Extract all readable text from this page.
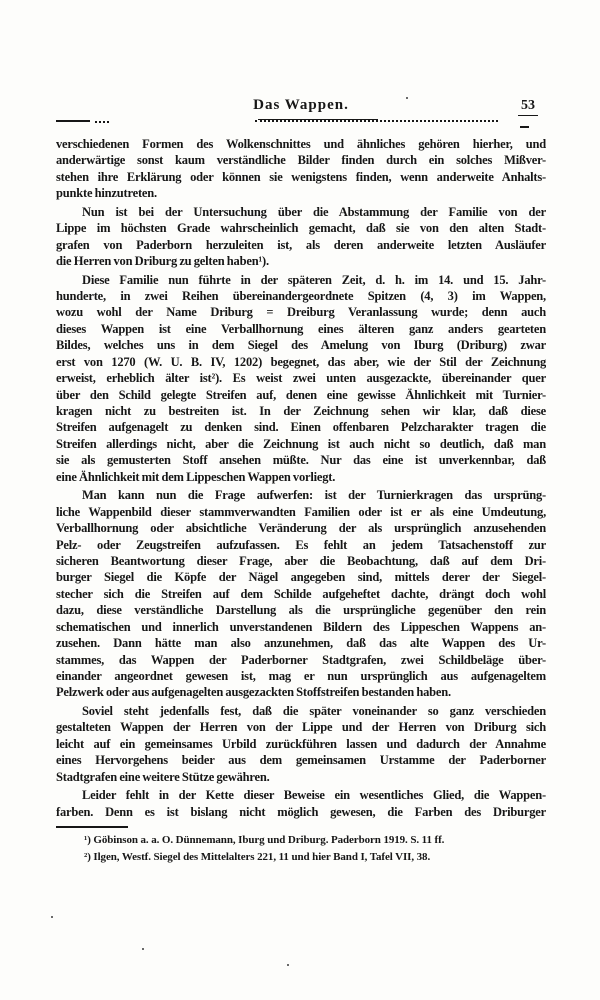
Das Wappen.	53
verschiedenen Formen des Wolkenschnittes und ähnliches gehören hierher, und
anderwärtige sonst kaum verständliche Bilder finden durch ein solches Mißver-
stehen ihre Erklärung oder können sie wenigstens finden, wenn anderweite Anhalts-
punkte hinzutreten.
Nun ist bei der Untersuchung über die Abstammung der Familie von der
Lippe im höchsten Grade wahrscheinlich gemacht, daß sie von den alten Stadt-
grafen von Paderborn herzuleiten ist, als deren anderweite letzten Ausläufer
die Herren von Driburg zu gelten haben¹).
Diese Familie nun führte in der späteren Zeit, d. h. im 14. und 15. Jahr-
hunderte, in zwei Reihen übereinandergeordnete Spitzen (4, 3) im Wappen,
wozu wohl der Name Driburg = Dreiburg Veranlassung wurde; denn auch
dieses Wappen ist eine Verballhornung eines älteren ganz anders gearteten
Bildes, welches uns in dem Siegel des Amelung von Iburg (Driburg) zwar
erst von 1270 (W. U. B. IV, 1202) begegnet, das aber, wie der Stil der Zeichnung
erweist, erheblich älter ist²). Es weist zwei unten ausgezackte, übereinander quer
über den Schild gelegte Streifen auf, denen eine gewisse Ähnlichkeit mit Turnier-
kragen nicht zu bestreiten ist. In der Zeichnung sehen wir klar, daß diese
Streifen aufgenagelt zu denken sind. Einen offenbaren Pelzcharakter tragen die
Streifen allerdings nicht, aber die Zeichnung ist auch nicht so deutlich, daß man
sie als gemusterten Stoff ansehen müßte. Nur das eine ist unverkennbar, daß
eine Ähnlichkeit mit dem Lippeschen Wappen vorliegt.
Man kann nun die Frage aufwerfen: ist der Turnierkragen das ursprüng-
liche Wappenbild dieser stammverwandten Familien oder ist er als eine Umdeutung,
Verballhornung oder absichtliche Veränderung der als ursprünglich anzusehenden
Pelz- oder Zeugstreifen aufzufassen. Es fehlt an jedem Tatsachenstoff zur
sicheren Beantwortung dieser Frage, aber die Beobachtung, daß auf dem Dri-
burger Siegel die Köpfe der Nägel angegeben sind, mittels derer der Siegel-
stecher sich die Streifen auf dem Schilde aufgeheftet dachte, drängt doch wohl
dazu, diese verständliche Darstellung als die ursprüngliche gegenüber den rein
schematischen und innerlich unverstandenen Bildern des Lippeschen Wappens an-
zusehen. Dann hätte man also anzunehmen, daß das alte Wappen des Ur-
stammes, das Wappen der Paderborner Stadtgrafen, zwei Schildbeläge über-
einander angeordnet gewesen ist, mag er nun ursprünglich aus aufgenageltem
Pelzwerk oder aus aufgenagelten ausgezackten Stoffstreifen bestanden haben.
Soviel steht jedenfalls fest, daß die später voneinander so ganz verschieden
gestalteten Wappen der Herren von der Lippe und der Herren von Driburg sich
leicht auf ein gemeinsames Urbild zurückführen lassen und dadurch der Annahme
eines Hervorgehens beider aus dem gemeinsamen Urstamme der Paderborner
Stadtgrafen eine weitere Stütze gewähren.
Leider fehlt in der Kette dieser Beweise ein wesentliches Glied, die Wappen-
farben. Denn es ist bislang nicht möglich gewesen, die Farben des Driburger
¹) Göbinson a. a. O. Dünnemann, Iburg und Driburg. Paderborn 1919. S. 11 ff.
²) Ilgen, Westf. Siegel des Mittelalters 221, 11 und hier Band I, Tafel VII, 38.
